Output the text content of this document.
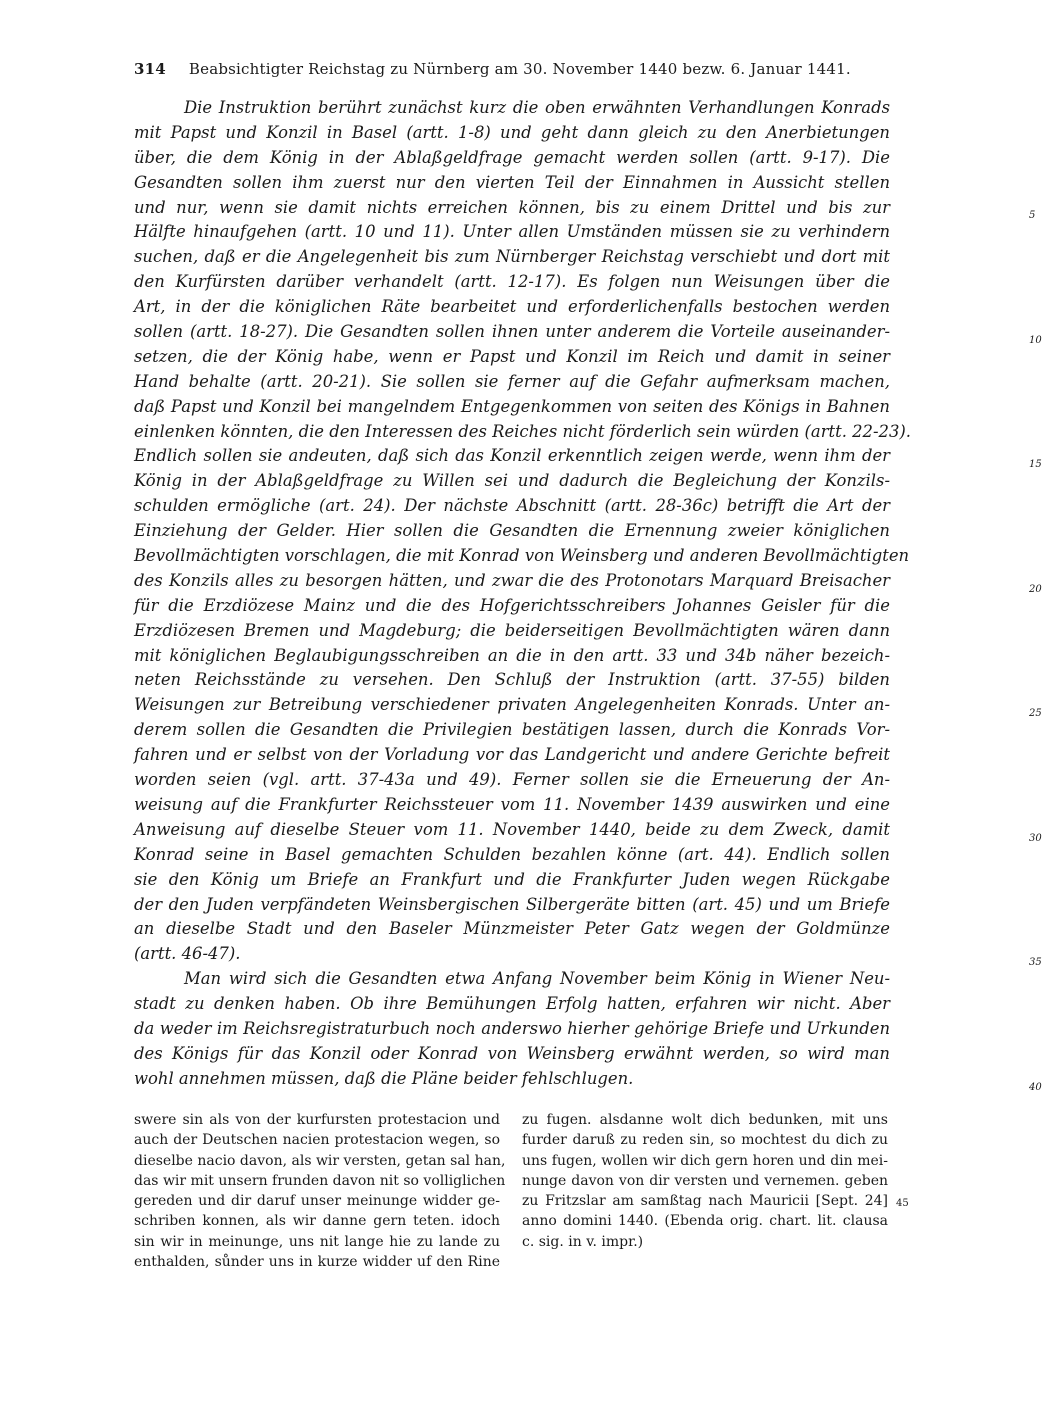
314 Beabsichtigter Reichstag zu Nürnberg am 30. November 1440 bezw. 6. Januar 1441.
Die Instruktion berührt zunächst kurz die oben erwähnten Verhandlungen Konrads
mit Papst und Konzil in Basel (artt. 1-8) und geht dann gleich zu den Anerbietungen
über, die dem König in der Ablaßgeldfrage gemacht werden sollen (artt. 9-17). Die
Gesandten sollen ihm zuerst nur den vierten Teil der Einnahmen in Aussicht stellen
und nur, wenn sie damit nichts erreichen können, bis zu einem Drittel und bis zur
Hälfte hinaufgehen (artt. 10 und 11). Unter allen Umständen müssen sie zu verhindern
suchen, daß er die Angelegenheit bis zum Nürnberger Reichstag verschiebt und dort mit
den Kurfürsten darüber verhandelt (artt. 12-17). Es folgen nun Weisungen über die
Art, in der die königlichen Räte bearbeitet und erforderlichenfalls bestochen werden
sollen (artt. 18-27). Die Gesandten sollen ihnen unter anderem die Vorteile auseinander-
setzen, die der König habe, wenn er Papst und Konzil im Reich und damit in seiner
Hand behalte (artt. 20-21). Sie sollen sie ferner auf die Gefahr aufmerksam machen,
daß Papst und Konzil bei mangelndem Entgegenkommen von seiten des Königs in Bahnen
einlenken könnten, die den Interessen des Reiches nicht förderlich sein würden (artt. 22-23).
Endlich sollen sie andeuten, daß sich das Konzil erkenntlich zeigen werde, wenn ihm der
König in der Ablaßgeldfrage zu Willen sei und dadurch die Begleichung der Konzils-
schulden ermögliche (art. 24). Der nächste Abschnitt (artt. 28-36c) betrifft die Art der
Einziehung der Gelder. Hier sollen die Gesandten die Ernennung zweier königlichen
Bevollmächtigten vorschlagen, die mit Konrad von Weinsberg und anderen Bevollmächtigten
des Konzils alles zu besorgen hätten, und zwar die des Protonotars Marquard Breisacher
für die Erzdiözese Mainz und die des Hofgerichtsschreibers Johannes Geisler für die
Erzdiözesen Bremen und Magdeburg; die beiderseitigen Bevollmächtigten wären dann
mit königlichen Beglaubigungsschreiben an die in den artt. 33 und 34b näher bezeich-
neten Reichsstände zu versehen. Den Schluß der Instruktion (artt. 37-55) bilden
Weisungen zur Betreibung verschiedener privaten Angelegenheiten Konrads. Unter an-
derem sollen die Gesandten die Privilegien bestätigen lassen, durch die Konrads Vor-
fahren und er selbst von der Vorladung vor das Landgericht und andere Gerichte befreit
worden seien (vgl. artt. 37-43a und 49). Ferner sollen sie die Erneuerung der An-
weisung auf die Frankfurter Reichssteuer vom 11. November 1439 auswirken und eine
Anweisung auf dieselbe Steuer vom 11. November 1440, beide zu dem Zweck, damit
Konrad seine in Basel gemachten Schulden bezahlen könne (art. 44). Endlich sollen
sie den König um Briefe an Frankfurt und die Frankfurter Juden wegen Rückgabe
der den Juden verpfändeten Weinsbergischen Silbergeräte bitten (art. 45) und um Briefe
an dieselbe Stadt und den Baseler Münzmeister Peter Gatz wegen der Goldmünze
(artt. 46-47).
Man wird sich die Gesandten etwa Anfang November beim König in Wiener Neu-
stadt zu denken haben. Ob ihre Bemühungen Erfolg hatten, erfahren wir nicht. Aber
da weder im Reichsregistraturbuch noch anderswo hierher gehörige Briefe und Urkunden
des Königs für das Konzil oder Konrad von Weinsberg erwähnt werden, so wird man
wohl annehmen müssen, daß die Pläne beider fehlschlugen.
5
10
15
20
25
30
35
40
swere sin als von der kurfursten protestacion und
auch der Deutschen nacien protestacion wegen, so
dieselbe nacio davon, als wir versten, getan sal han,
das wir mit unsern frunden davon nit so volliglichen
gereden und dir daruf unser meinunge widder ge-
schriben konnen, als wir danne gern teten. idoch
sin wir in meinunge, uns nit lange hie zu lande zu
enthalden, sůnder uns in kurze widder uf den Rine
zu fugen. alsdanne wolt dich bedunken, mit uns
furder daruß zu reden sin, so mochtest du dich zu
uns fugen, wollen wir dich gern horen und din mei-
nunge davon von dir versten und vernemen. geben
zu Fritzslar am samßtag nach Mauricii [Sept. 24]
anno domini 1440. (Ebenda orig. chart. lit. clausa
c. sig. in v. impr.)
45
